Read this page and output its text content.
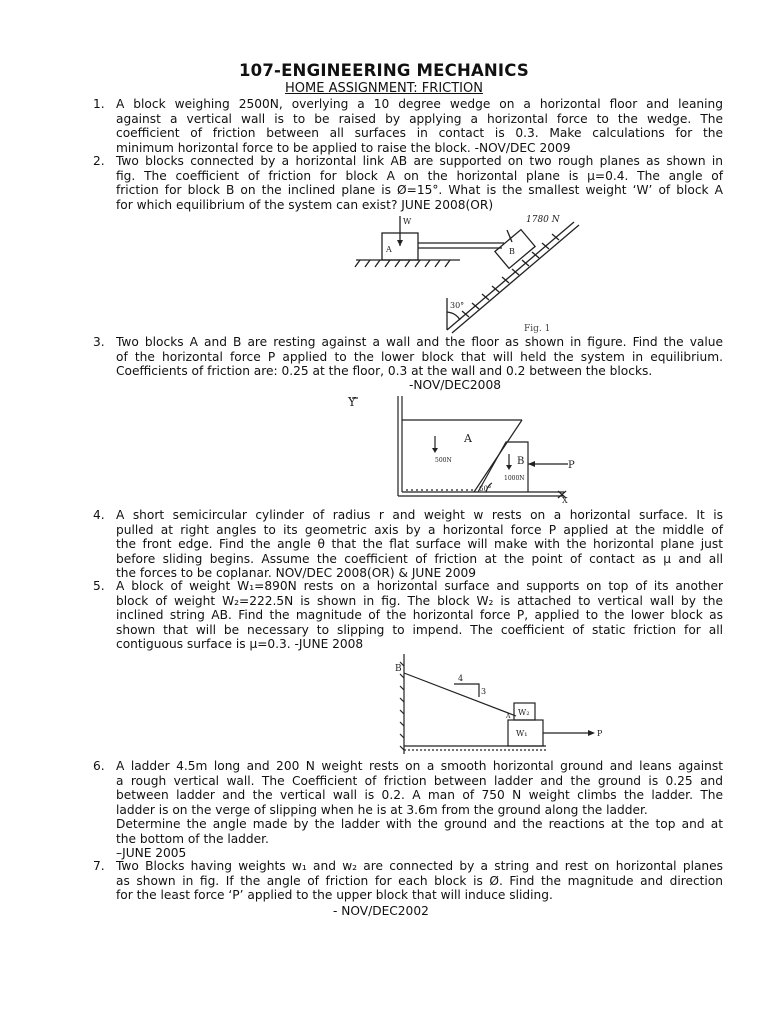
107-ENGINEERING MECHANICS
HOME ASSIGNMENT: FRICTION
1. A block weighing 2500N, overlying a 10 degree wedge on a horizontal floor and leaning
against a vertical wall is to be raised by applying a horizontal force to the wedge. The
coefficient of friction between all surfaces in contact is 0.3. Make calculations for the
minimum horizontal force to be applied to raise the block. -NOV/DEC 2009
2. Two blocks connected by a horizontal link AB are supported on two rough planes as shown in
fig. The coefficient of friction for block A on the horizontal plane is μ=0.4. The angle of
friction for block B on the inclined plane is Ø=15°. What is the smallest weight ‘W’ of block A
for which equilibrium of the system can exist? JUNE 2008(OR)
W	1780 N
A	B
30°
Fig. 1
3. Two blocks A and B are resting against a wall and the floor as shown in figure. Find the value
of the horizontal force P applied to the lower block that will held the system in equilibrium.
Coefficients of friction are: 0.25 at the floor, 0.3 at the wall and 0.2 between the blocks.
-NOV/DEC2008
Y
A
B	P
500N
1000N
60°
X
4. A short semicircular cylinder of radius r and weight w rests on a horizontal surface. It is
pulled at right angles to its geometric axis by a horizontal force P applied at the middle of
the front edge. Find the angle θ that the flat surface will make with the horizontal plane just
before sliding begins. Assume the coefficient of friction at the point of contact as μ and all
the forces to be coplanar. NOV/DEC 2008(OR) & JUNE 2009
5. A block of weight W₁=890N rests on a horizontal surface and supports on top of its another
block of weight W₂=222.5N is shown in fig. The block W₂ is attached to vertical wall by the
inclined string AB. Find the magnitude of the horizontal force P, applied to the lower block as
shown that will be necessary to slipping to impend. The coefficient of static friction for all
contiguous surface is μ=0.3. -JUNE 2008
B
4
3
A W₂
W₁	P
6. A ladder 4.5m long and 200 N weight rests on a smooth horizontal ground and leans against
a rough vertical wall. The Coefficient of friction between ladder and the ground is 0.25 and
between ladder and the vertical wall is 0.2. A man of 750 N weight climbs the ladder. The
ladder is on the verge of slipping when he is at 3.6m from the ground along the ladder.
Determine the angle made by the ladder with the ground and the reactions at the top and at
the bottom of the ladder.
–JUNE 2005
7. Two Blocks having weights w₁ and w₂ are connected by a string and rest on horizontal planes
as shown in fig. If the angle of friction for each block is Ø. Find the magnitude and direction
for the least force ‘P’ applied to the upper block that will induce sliding.
- NOV/DEC2002
